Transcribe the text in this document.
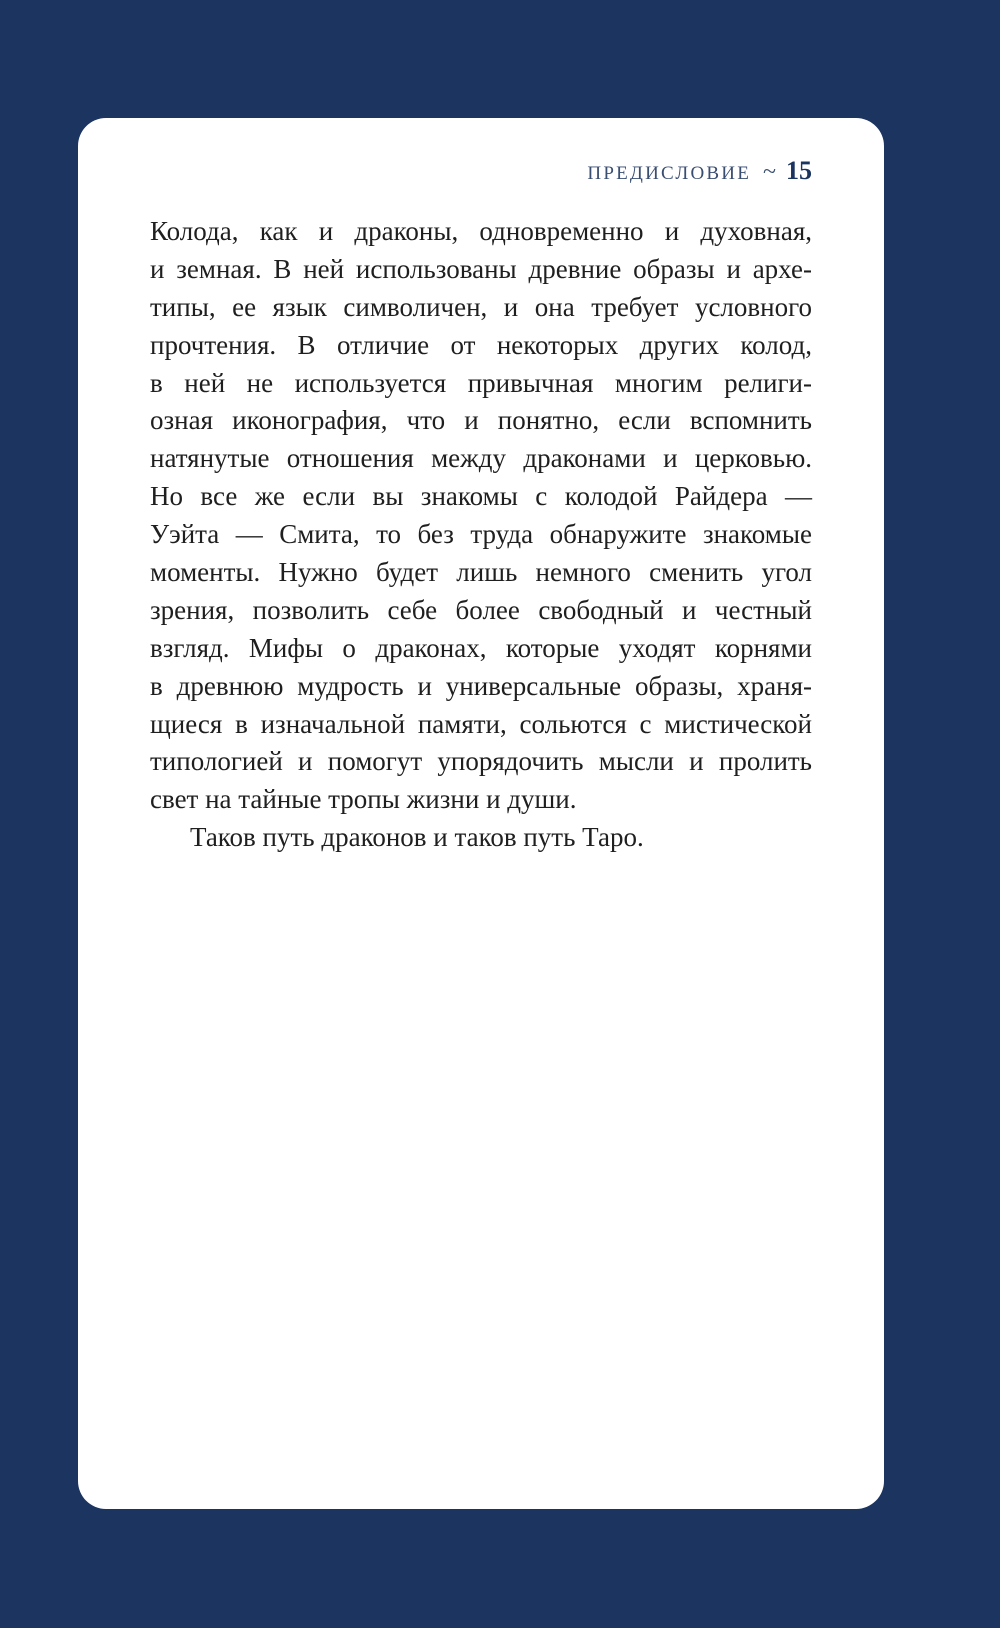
ПРЕДИСЛОВИЕ ~ 15
Колода, как и драконы, одновременно и духовная,
и земная. В ней использованы древние образы и архе-
типы, ее язык символичен, и она требует условного
прочтения. В отличие от некоторых других колод,
в ней не используется привычная многим религи-
озная иконография, что и понятно, если вспомнить
натянутые отношения между драконами и церковью.
Но все же если вы знакомы с колодой Райдера —
Уэйта — Смита, то без труда обнаружите знакомые
моменты. Нужно будет лишь немного сменить угол
зрения, позволить себе более свободный и честный
взгляд. Мифы о драконах, которые уходят корнями
в древнюю мудрость и универсальные образы, храня-
щиеся в изначальной памяти, сольются с мистической
типологией и помогут упорядочить мысли и пролить
свет на тайные тропы жизни и души.
Таков путь драконов и таков путь Таро.
